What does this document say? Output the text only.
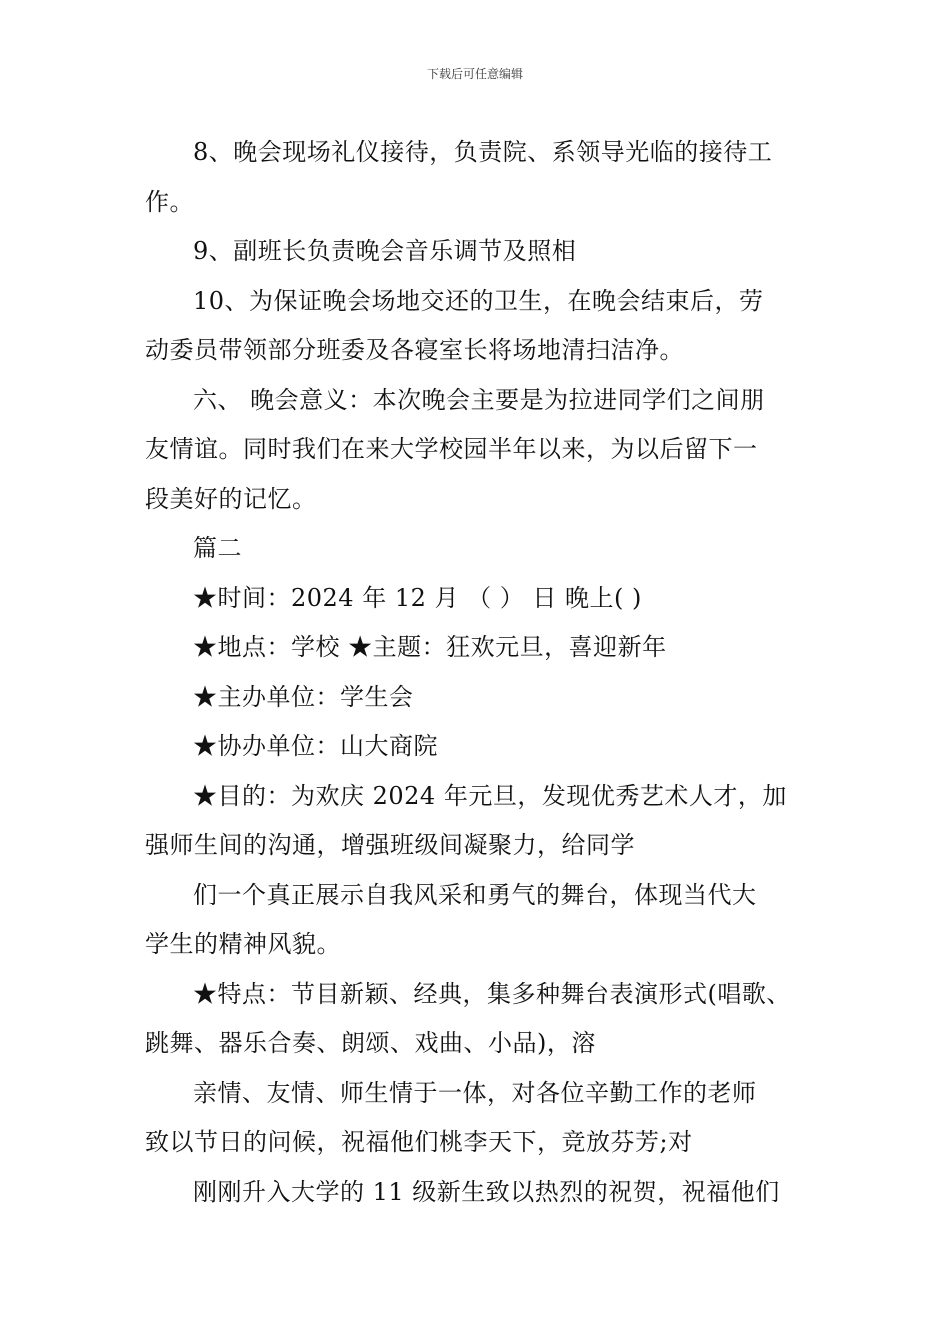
下载后可任意编辑
8、晚会现场礼仪接待，负责院、系领导光临的接待工
作。
9、副班长负责晚会音乐调节及照相
10、为保证晚会场地交还的卫生，在晚会结束后，劳
动委员带领部分班委及各寝室长将场地清扫洁净。
六、 晚会意义：本次晚会主要是为拉进同学们之间朋
友情谊。同时我们在来大学校园半年以来，为以后留下一
段美好的记忆。
篇二
★时间：2024 年 12 月 （ ） 日 晚上( )
★地点：学校 ★主题：狂欢元旦，喜迎新年
★主办单位：学生会
★协办单位：山大商院
★目的：为欢庆 2024 年元旦，发现优秀艺术人才，加
强师生间的沟通，增强班级间凝聚力，给同学
们一个真正展示自我风采和勇气的舞台，体现当代大
学生的精神风貌。
★特点：节目新颖、经典，集多种舞台表演形式(唱歌、
跳舞、器乐合奏、朗颂、戏曲、小品)，溶
亲情、友情、师生情于一体，对各位辛勤工作的老师
致以节日的问候，祝福他们桃李天下，竞放芬芳;对
刚刚升入大学的 11 级新生致以热烈的祝贺，祝福他们
